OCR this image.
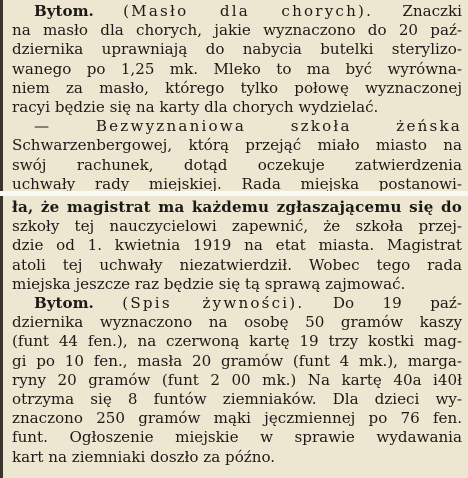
Bytom. (Masło dla chorych). Znaczki
na masło dla chorych, jakie wyznaczono do 20 paź-
dziernika uprawniają do nabycia butelki sterylizo-
wanego po 1,25 mk. Mleko to ma być wyrówna-
niem za masło, którego tylko połowę wyznaczonej
racyi będzie się na karty dla chorych wydzielać.
— Bezwyznaniowa szkoła żeńska
Schwarzenbergowej, którą przejąć miało miasto na
swój rachunek, dotąd oczekuje zatwierdzenia
uchwały rady miejskiej. Rada miejska postanowi-
ła, że magistrat ma każdemu zgłaszającemu się do
szkoły tej nauczycielowi zapewnić, że szkoła przej-
dzie od 1. kwietnia 1919 na etat miasta. Magistrat
atoli tej uchwały niezatwierdził. Wobec tego rada
miejska jeszcze raz będzie się tą sprawą zajmować.
Bytom. (Spis żywności). Do 19 paź-
dziernika wyznaczono na osobę 50 gramów kaszy
(funt 44 fen.), na czerwoną kartę 19 trzy kostki mag-
gi po 10 fen., masła 20 gramów (funt 4 mk.), marga-
ryny 20 gramów (funt 2 00 mk.) Na kartę 40a i40ł
otrzyma się 8 funtów ziemniaków. Dla dzieci wy-
znaczono 250 gramów mąki jęczmiennej po 76 fen.
funt. Ogłoszenie miejskie w sprawie wydawania
kart na ziemniaki doszło za późno.
